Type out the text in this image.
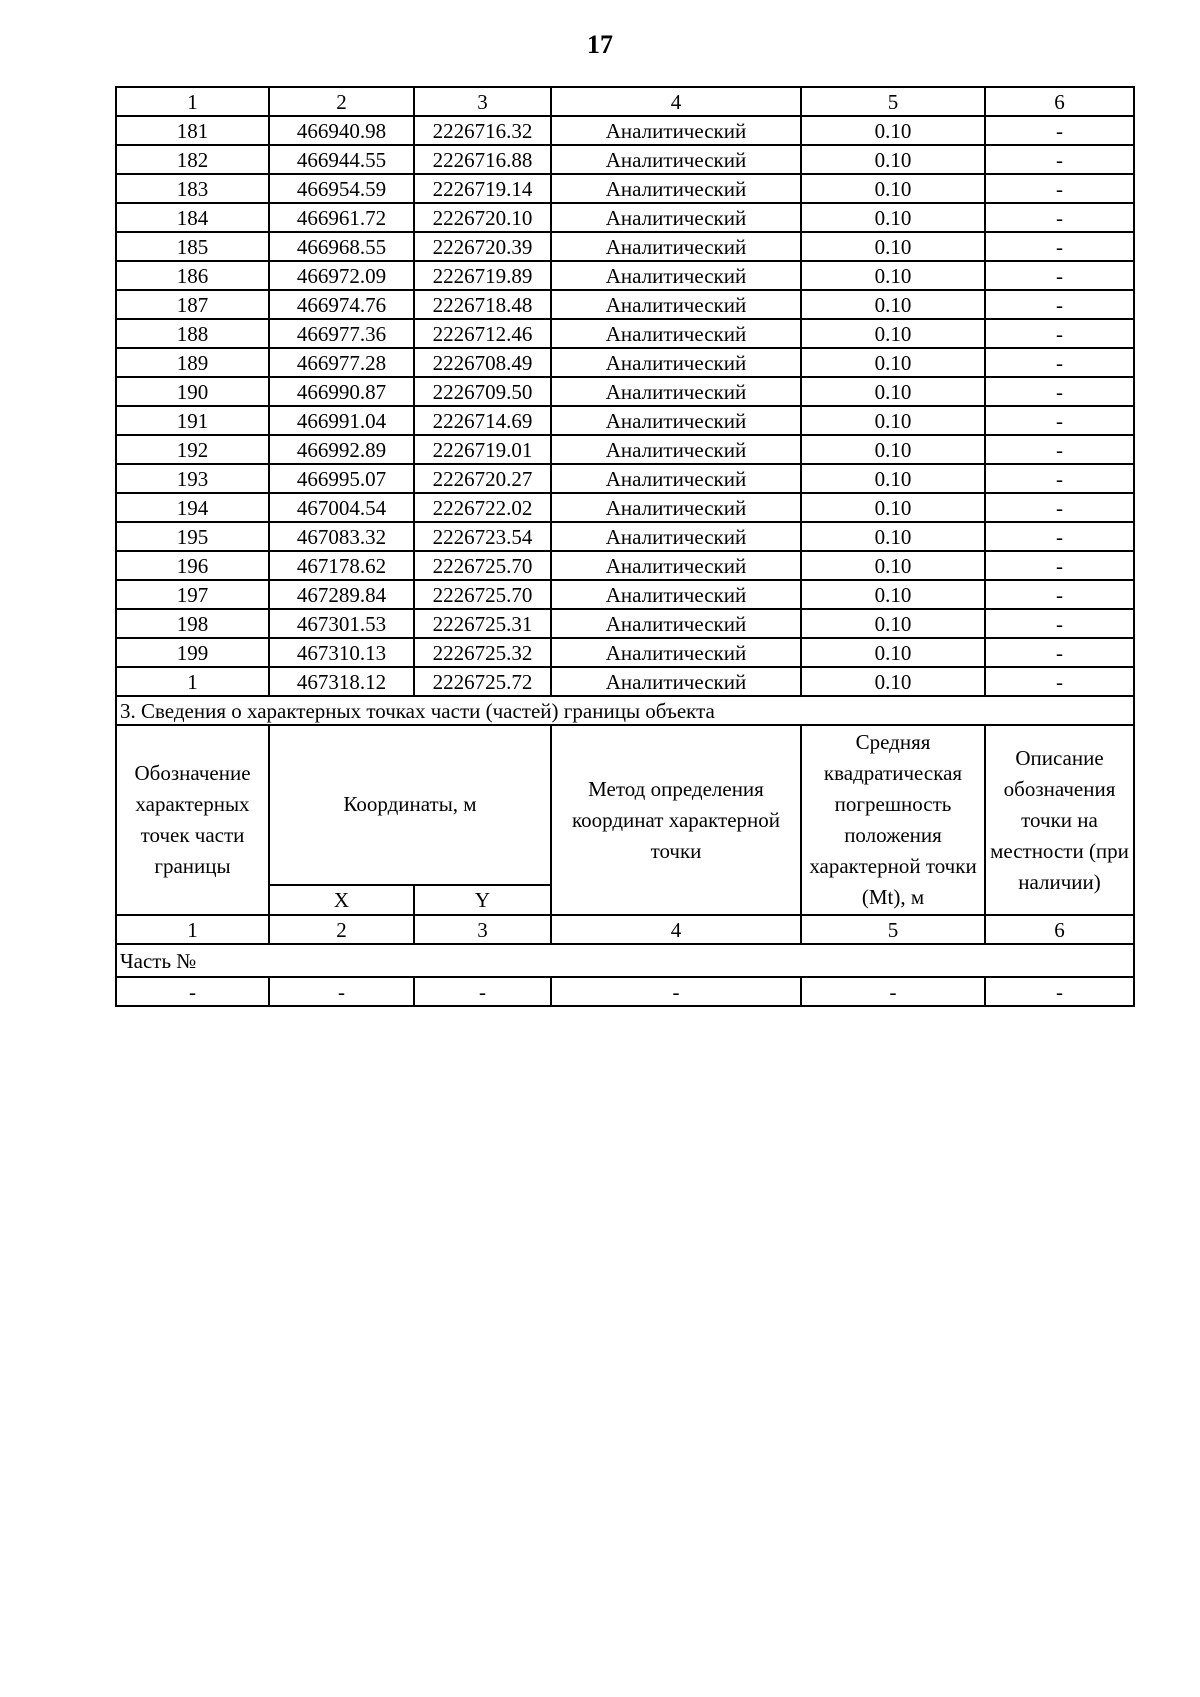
17
1	2	3	4	5	6
181	466940.98	2226716.32	Аналитический	0.10	-
182	466944.55	2226716.88	Аналитический	0.10	-
183	466954.59	2226719.14	Аналитический	0.10	-
184	466961.72	2226720.10	Аналитический	0.10	-
185	466968.55	2226720.39	Аналитический	0.10	-
186	466972.09	2226719.89	Аналитический	0.10	-
187	466974.76	2226718.48	Аналитический	0.10	-
188	466977.36	2226712.46	Аналитический	0.10	-
189	466977.28	2226708.49	Аналитический	0.10	-
190	466990.87	2226709.50	Аналитический	0.10	-
191	466991.04	2226714.69	Аналитический	0.10	-
192	466992.89	2226719.01	Аналитический	0.10	-
193	466995.07	2226720.27	Аналитический	0.10	-
194	467004.54	2226722.02	Аналитический	0.10	-
195	467083.32	2226723.54	Аналитический	0.10	-
196	467178.62	2226725.70	Аналитический	0.10	-
197	467289.84	2226725.70	Аналитический	0.10	-
198	467301.53	2226725.31	Аналитический	0.10	-
199	467310.13	2226725.32	Аналитический	0.10	-
1	467318.12	2226725.72	Аналитический	0.10	-
3. Сведения о характерных точках части (частей) границы объекта					
Обозначение характерных точек части границы	Координаты, м		Метод определения координат характерной точки	Средняя квадратическая погрешность положения характерной точки (Mt), м	Описание обозначения точки на местности (при наличии)
	X	Y			
1	2	3	4	5	6
Часть №					
-	-	-	-	-	-
